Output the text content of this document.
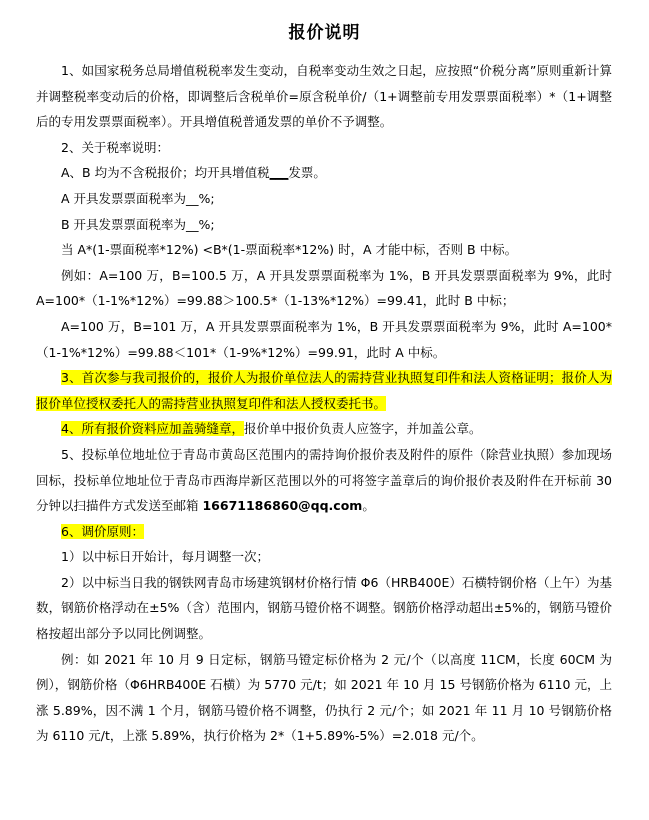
报价说明

1、如国家税务总局增值税税率发生变动，自税率变动生效之日起，应按照“价税分离”原则重新计算并调整税率变动后的价格，即调整后含税单价=原含税单价/（1+调整前专用发票票面税率）*（1+调整后的专用发票票面税率）。开具增值税普通发票的单价不予调整。

2、关于税率说明：

A、B 均为不含税报价；均开具增值税___发票。

A 开具发票票面税率为__%;

B 开具发票票面税率为__%;

当 A*(1-票面税率*12%) <B*(1-票面税率*12%) 时，A 才能中标，否则 B 中标。

例如：A=100 万，B=100.5 万，A 开具发票票面税率为 1%，B 开具发票票面税率为 9%，此时 A=100*（1-1%*12%）=99.88＞100.5*（1-13%*12%）=99.41，此时 B 中标；

A=100 万，B=101 万，A 开具发票票面税率为 1%，B 开具发票票面税率为 9%，此时 A=100*（1-1%*12%）=99.88＜101*（1-9%*12%）=99.91，此时 A 中标。

3、首次参与我司报价的，报价人为报价单位法人的需持营业执照复印件和法人资格证明；报价人为报价单位授权委托人的需持营业执照复印件和法人授权委托书。

4、所有报价资料应加盖骑缝章，报价单中报价负责人应签字，并加盖公章。

5、投标单位地址位于青岛市黄岛区范围内的需持询价报价表及附件的原件（除营业执照）参加现场回标，投标单位地址位于青岛市西海岸新区范围以外的可将签字盖章后的询价报价表及附件在开标前 30 分钟以扫描件方式发送至邮箱 16671186860@qq.com。

6、调价原则：

1）以中标日开始计，每月调整一次；

2）以中标当日我的钢铁网青岛市场建筑钢材价格行情 Φ6（HRB400E）石横特钢价格（上午）为基数，钢筋价格浮动在±5%（含）范围内，钢筋马镫价格不调整。钢筋价格浮动超出±5%的，钢筋马镫价格按超出部分予以同比例调整。

例：如 2021 年 10 月 9 日定标，钢筋马镫定标价格为 2 元/个（以高度 11CM，长度 60CM 为例），钢筋价格（Φ6HRB400E 石横）为 5770 元/t；如 2021 年 10 月 15 号钢筋价格为 6110 元，上涨 5.89%，因不满 1 个月，钢筋马镫价格不调整，仍执行 2 元/个；如 2021 年 11 月 10 号钢筋价格为 6110 元/t，上涨 5.89%，执行价格为 2*（1+5.89%-5%）=2.018 元/个。
